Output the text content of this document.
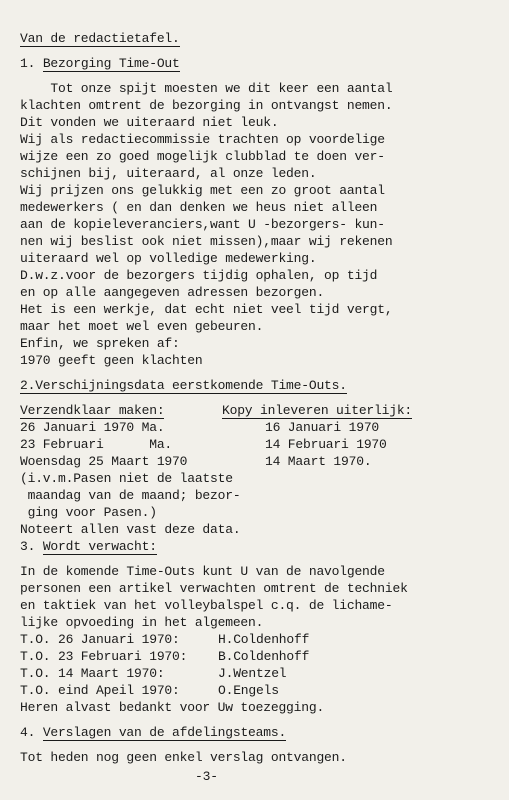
Van de redactietafel.
1. Bezorging Time-Out
Tot onze spijt moesten we dit keer een aantal
klachten omtrent de bezorging in ontvangst nemen.
Dit vonden we uiteraard niet leuk.
Wij als redactiecommissie trachten op voordelige
wijze een zo goed mogelijk clubblad te doen ver-
schijnen bij, uiteraard, al onze leden.
Wij prijzen ons gelukkig met een zo groot aantal
medewerkers ( en dan denken we heus niet alleen
aan de kopieleveranciers,want U -bezorgers- kun-
nen wij beslist ook niet missen),maar wij rekenen
uiteraard wel op volledige medewerking.
D.w.z.voor de bezorgers tijdig ophalen, op tijd
en op alle aangegeven adressen bezorgen.
Het is een werkje, dat echt niet veel tijd vergt,
maar het moet wel even gebeuren.
Enfin, we spreken af:
1970 geeft geen klachten
2.Verschijningsdata eerstkomende Time-Outs.
Verzendklaar maken:	Kopy inleveren uiterlijk:
26 Januari 1970 Ma.	16 Januari 1970
23 Februari      Ma.	14 Februari 1970
Woensdag 25 Maart 1970	14 Maart 1970.
(i.v.m.Pasen niet de laatste
maandag van de maand; bezor-
ging voor Pasen.)
Noteert allen vast deze data.
3. Wordt verwacht:
In de komende Time-Outs kunt U van de navolgende
personen een artikel verwachten omtrent de techniek
en taktiek van het volleybalspel c.q. de lichame-
lijke opvoeding in het algemeen.
T.O. 26 Januari 1970:	H.Coldenhoff
T.O. 23 Februari 1970: B.Coldenhoff
T.O. 14 Maart 1970:	J.Wentzel
T.O. eind Apeil 1970:	O.Engels
Heren alvast bedankt voor Uw toezegging.
4. Verslagen van de afdelingsteams.
Tot heden nog geen enkel verslag ontvangen.
-3-
